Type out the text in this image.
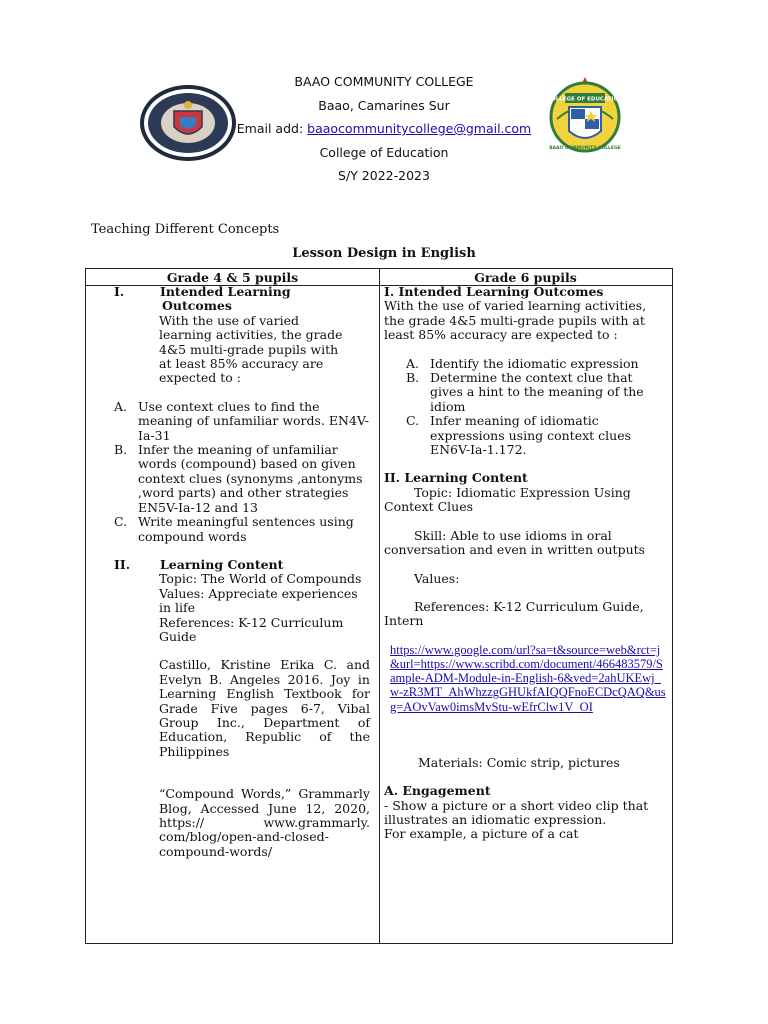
BAAO COMMUNITY COLLEGE
Baao, Camarines Sur
Email add: baaocommunitycollege@gmail.com
College of Education
S/Y 2022-2023
COLLEGE OF EDUCATION
BAAO COMMUNITY COLLEGE
Teaching Different Concepts
Lesson Design in English
Grade 4 & 5 pupils	Grade 6 pupils

I.	Intended Learning

Outcomes

With the use of varied

learning activities, the grade

4&5 multi-grade pupils with

at least 85% accuracy are

expected to :

A. Use context clues to find the meaning of unfamiliar words. EN4V-Ia-31
B. Infer the meaning of unfamiliar words (compound) based on given context clues (synonyms ,antonyms ,word parts) and other strategies EN5V-Ia-12 and 13
C. Write meaningful sentences using compound words

II. Learning Content

Topic: The World of Compounds

Values: Appreciate experiences in life

References: K-12 Curriculum Guide

Castillo, Kristine Erika C. and Evelyn B. Angeles 2016. Joy in Learning English Textbook for Grade Five pages 6-7, Vibal Group Inc., Department of Education, Republic of the Philippines

“Compound Words,” Grammarly Blog, Accessed June 12, 2020, https:// www.grammarly. com/blog/open-and-closed-compound-words/

I. Intended Learning Outcomes

With the use of varied learning activities, the grade 4&5 multi-grade pupils with at least 85% accuracy are expected to :

A. Identify the idiomatic expression
B. Determine the context clue that gives a hint to the meaning of the idiom
C. Infer meaning of idiomatic expressions using context clues EN6V-Ia-1.172.

II. Learning Content

Topic: Idiomatic Expression Using Context Clues

Skill: Able to use idioms in oral conversation and even in written outputs

Values:

References: K-12 Curriculum Guide, Intern

https://www.google.com/url?sa=t&source=web&rct=j&url=https://www.scribd.com/document/466483579/Sample-ADM-Module-in-English-6&ved=2ahUKEwj_w-zR3MT_AhWhzzgGHUkfAIQQFnoECDcQAQ&usg=AOvVaw0imsMvStu-wEfrClw1V_OI

Materials: Comic strip, pictures

A. Engagement

- Show a picture or a short video clip that illustrates an idiomatic expression.

For example, a picture of a cat
